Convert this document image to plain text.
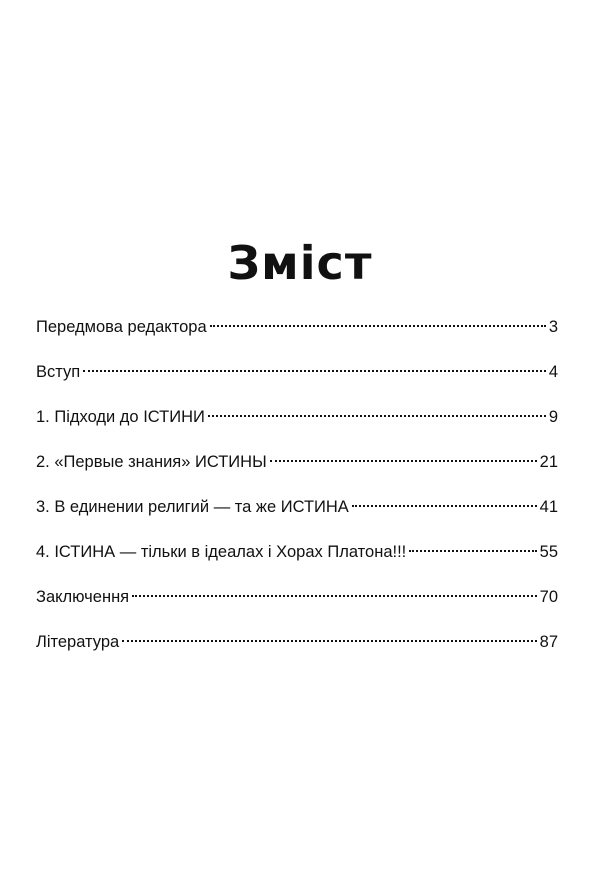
Зміст
Передмова редактора	3
Вступ	4
1. Підходи до ІСТИНИ	9
2. «Первые знания» ИСТИНЫ	21
3. В единении религий — та же ИСТИНА	41
4. ІСТИНА — тільки в ідеалах і Хорах Платона!!!	55
Заключення	70
Література	87
